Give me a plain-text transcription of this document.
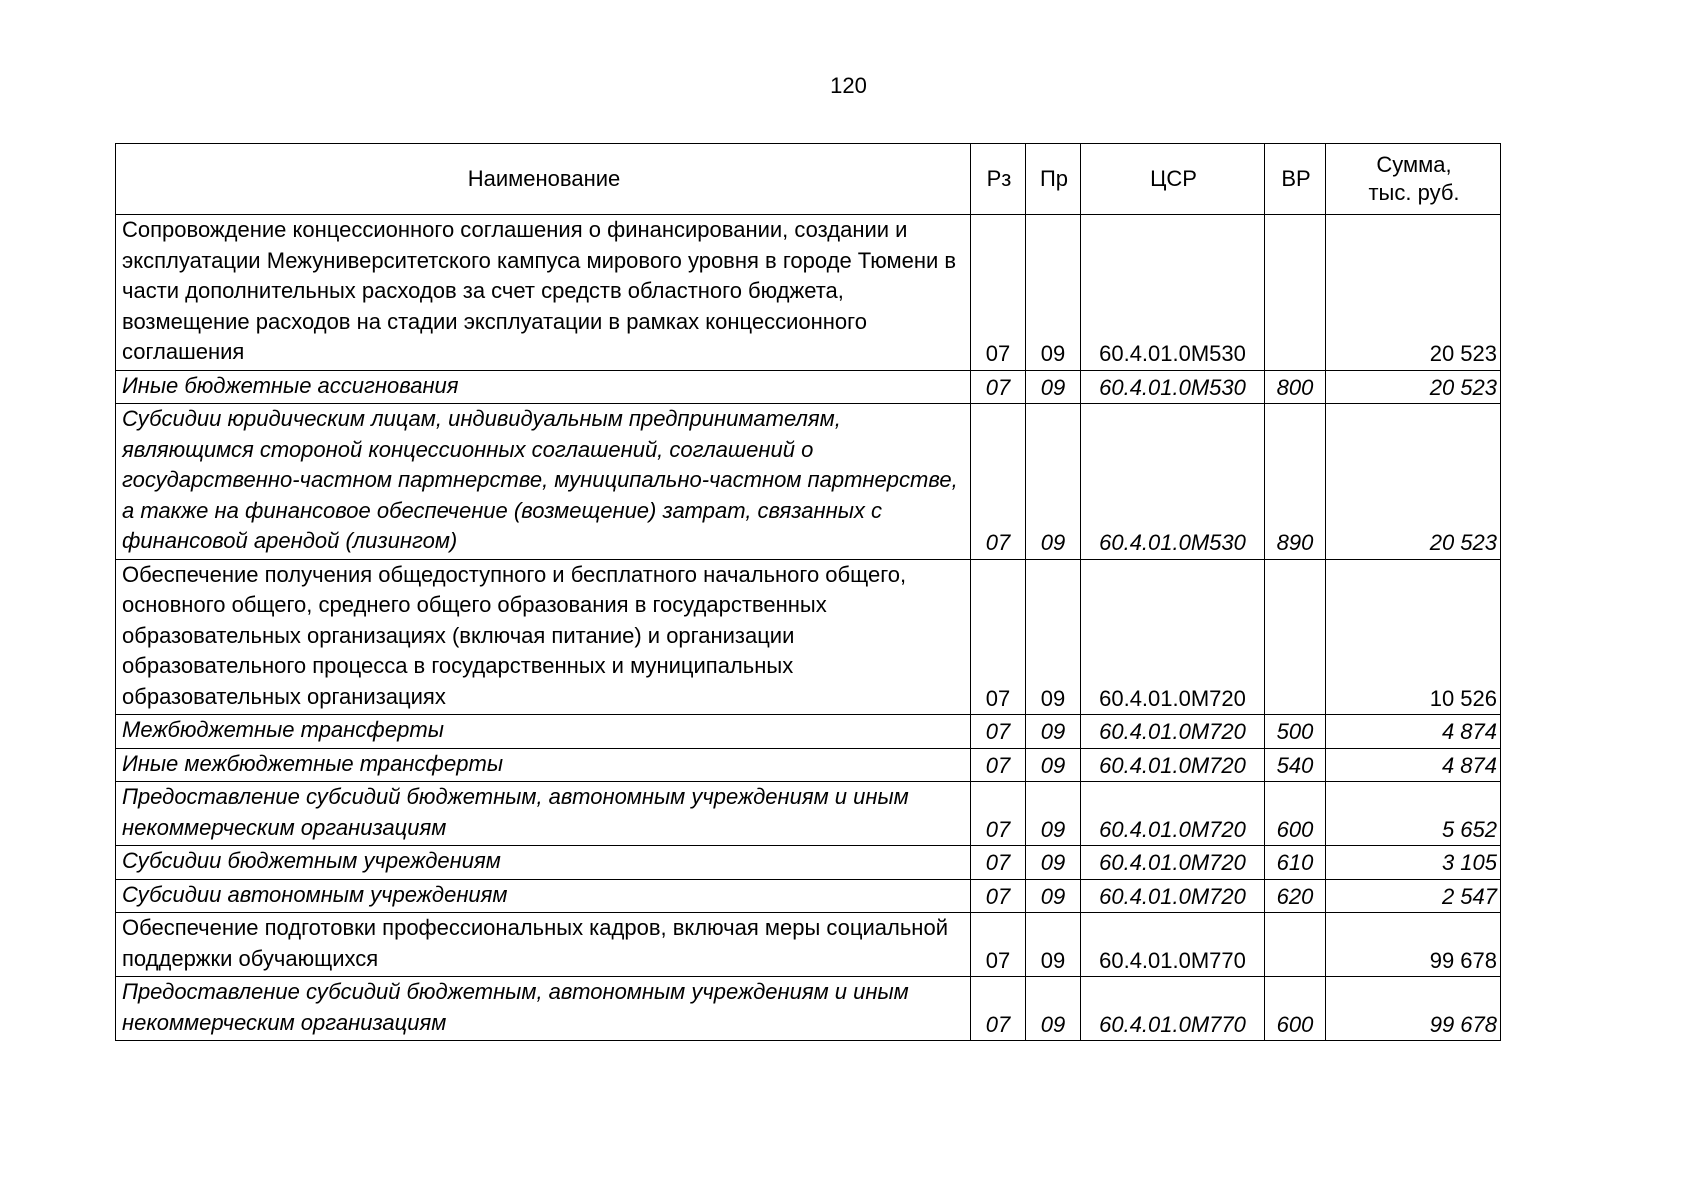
120
Наименование	Рз	Пр	ЦСР	ВР	Сумма,
тыс. руб.
Сопровождение концессионного соглашения о финансировании, создании и эксплуатации Межуниверситетского кампуса мирового уровня в городе Тюмени в части дополнительных расходов за счет средств областного бюджета, возмещение расходов на стадии эксплуатации в рамках концессионного соглашения	07	09	60.4.01.0М530		20 523
Иные бюджетные ассигнования	07	09	60.4.01.0М530	800	20 523
Субсидии юридическим лицам, индивидуальным предпринимателям, являющимся стороной концессионных соглашений, соглашений о государственно-частном партнерстве, муниципально-частном партнерстве, а также на финансовое обеспечение (возмещение) затрат, связанных с финансовой арендой (лизингом)	07	09	60.4.01.0М530	890	20 523
Обеспечение получения общедоступного и бесплатного начального общего, основного общего, среднего общего образования в государственных образовательных организациях (включая питание) и организации образовательного процесса в государственных и муниципальных образовательных организациях	07	09	60.4.01.0М720		10 526
Межбюджетные трансферты	07	09	60.4.01.0М720	500	4 874
Иные межбюджетные трансферты	07	09	60.4.01.0М720	540	4 874
Предоставление субсидий бюджетным, автономным учреждениям и иным некоммерческим организациям	07	09	60.4.01.0М720	600	5 652
Субсидии бюджетным учреждениям	07	09	60.4.01.0М720	610	3 105
Субсидии автономным учреждениям	07	09	60.4.01.0М720	620	2 547
Обеспечение подготовки профессиональных кадров, включая меры социальной поддержки обучающихся	07	09	60.4.01.0М770		99 678
Предоставление субсидий бюджетным, автономным учреждениям и иным некоммерческим организациям	07	09	60.4.01.0М770	600	99 678
